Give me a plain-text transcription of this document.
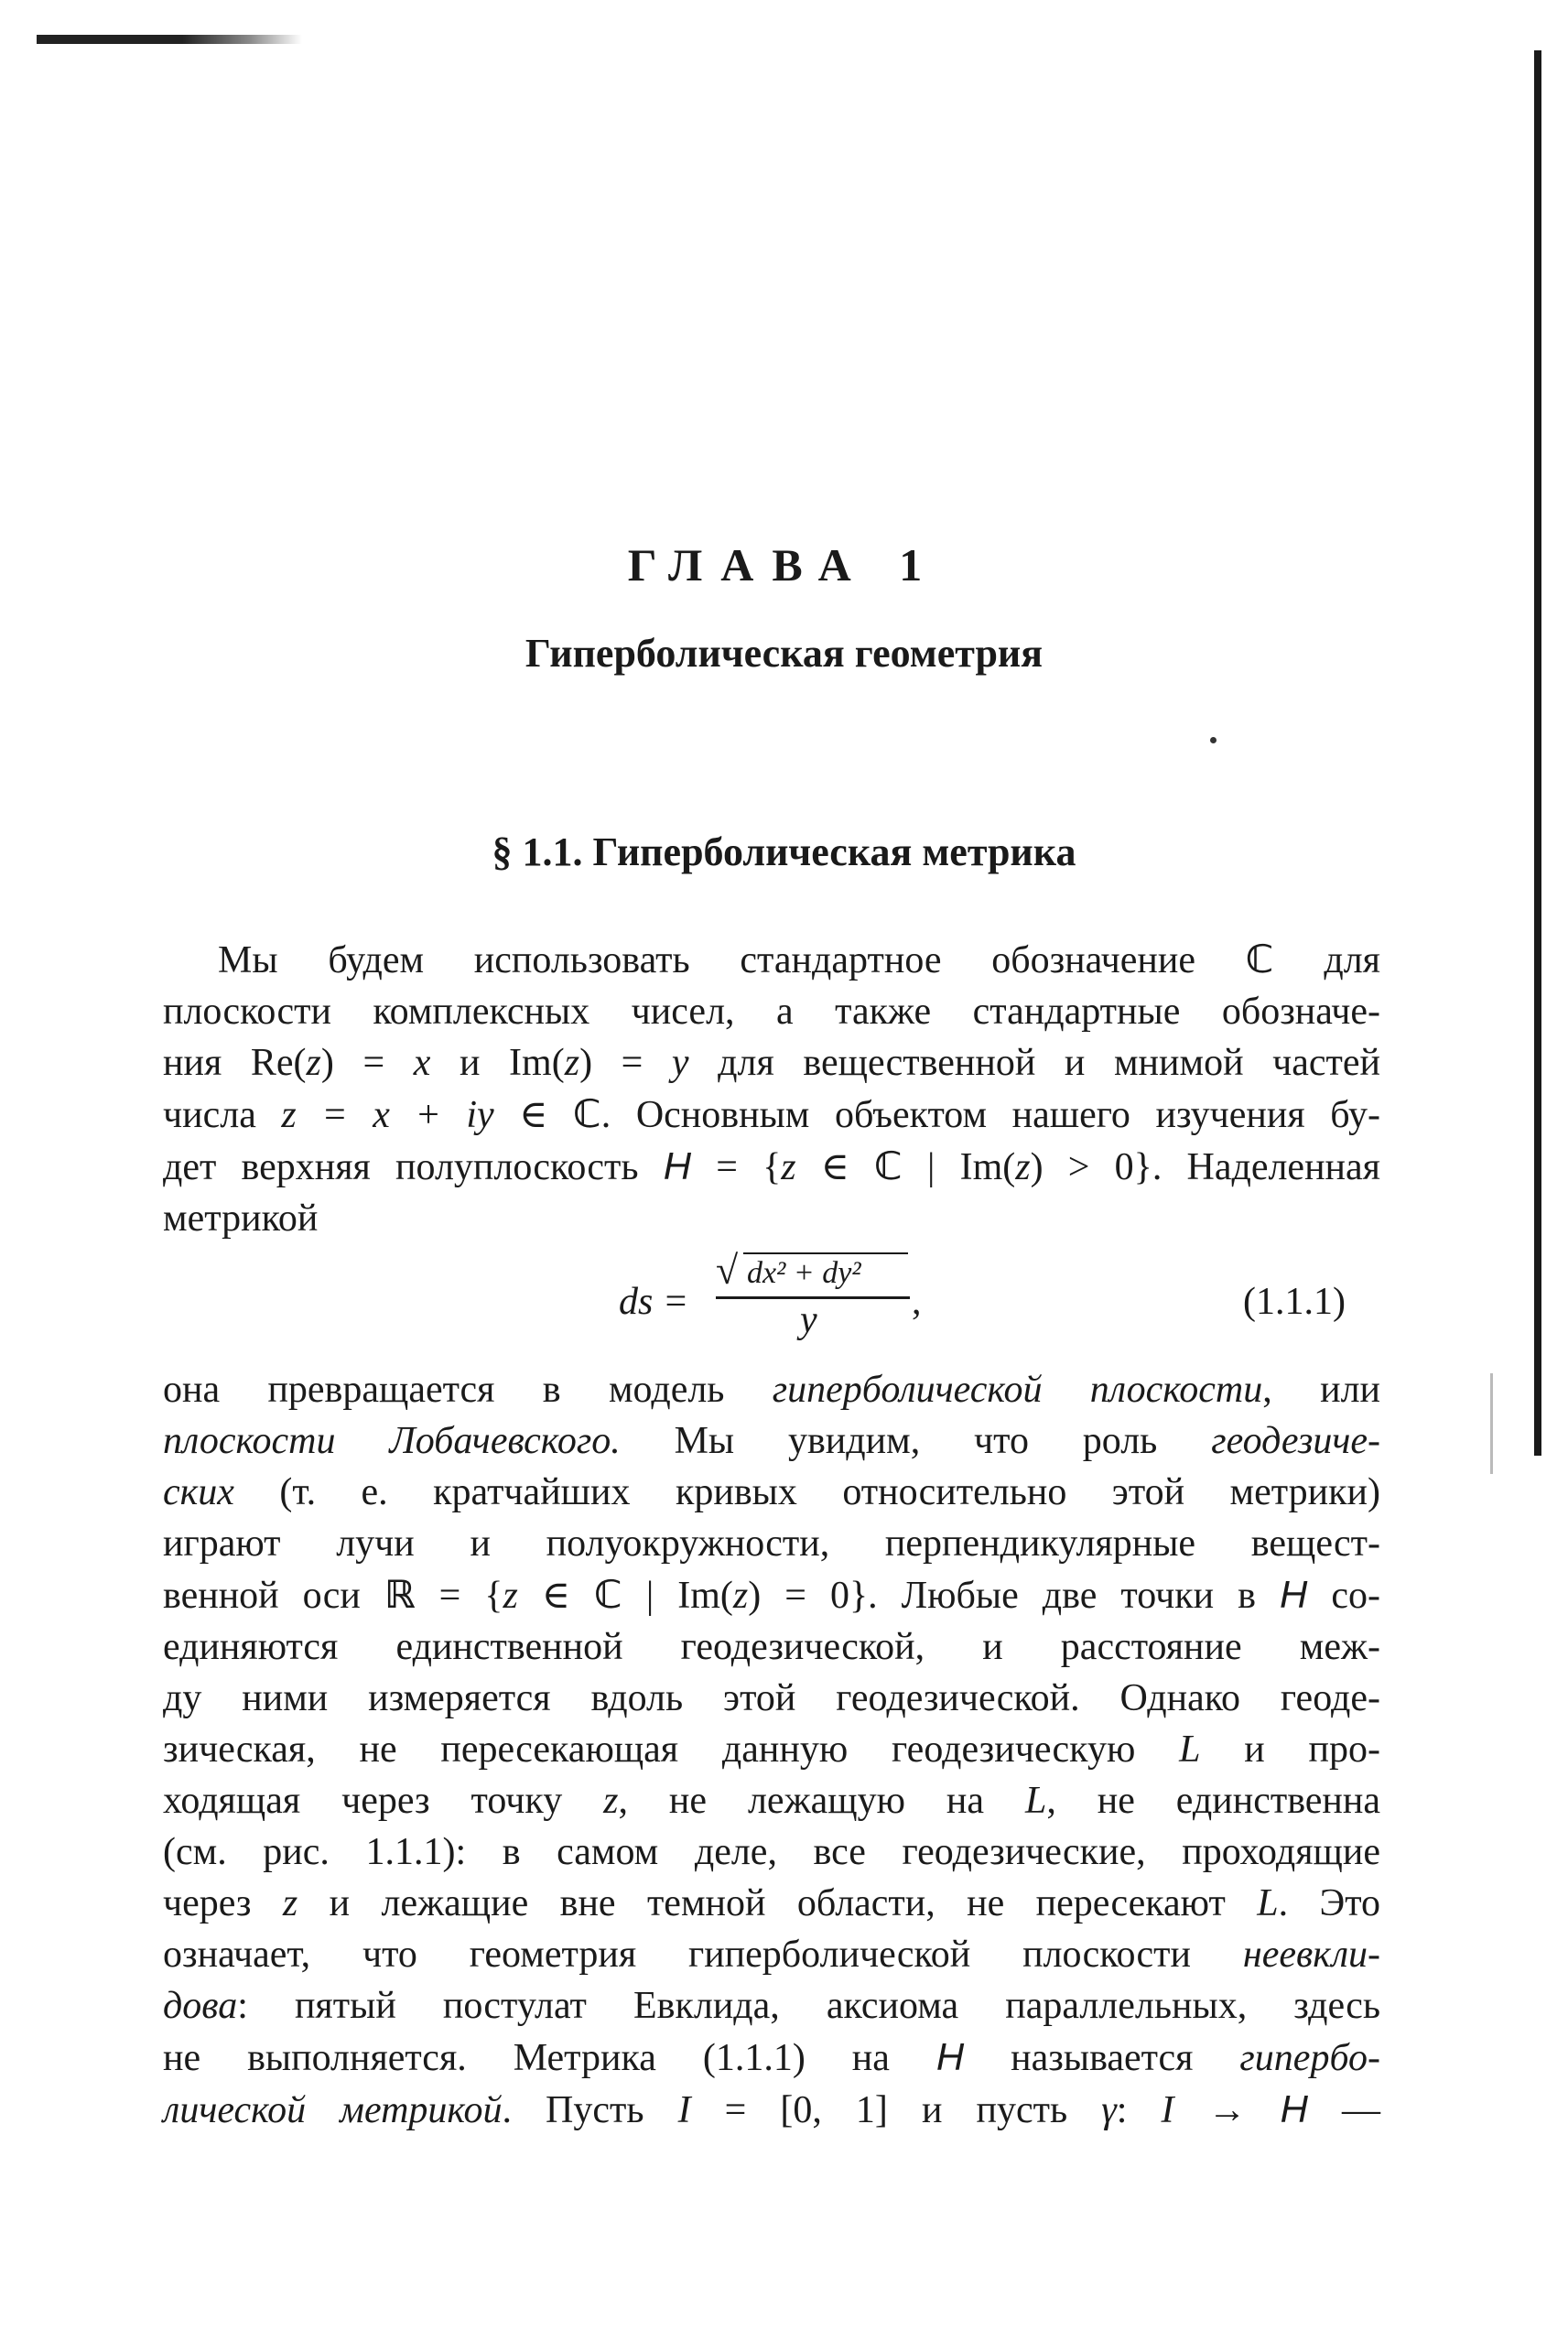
ГЛАВА 1
Гиперболическая геометрия
§ 1.1. Гиперболическая метрика
Мы будем использовать стандартное обозначение ℂ для
плоскости комплексных чисел, а также стандартные обозначе-
ния Re(z) = x и Im(z) = y для вещественной и мнимой частей
числа z = x + iy ∈ ℂ. Основным объектом нашего изучения бу-
дет верхняя полуплоскость H = {z ∈ ℂ | Im(z) > 0}. Наделенная
метрикой
ds =
√ dx² + dy²
y ,	(1.1.1)
она превращается в модель гиперболической плоскости, или
плоскости Лобачевского. Мы увидим, что роль геодезиче-
ских (т. е. кратчайших кривых относительно этой метрики)
играют лучи и полуокружности, перпендикулярные вещест-
венной оси ℝ = {z ∈ ℂ | Im(z) = 0}. Любые две точки в H со-
единяются единственной геодезической, и расстояние меж-
ду ними измеряется вдоль этой геодезической. Однако геоде-
зическая, не пересекающая данную геодезическую L и про-
ходящая через точку z, не лежащую на L, не единственна
(см. рис. 1.1.1): в самом деле, все геодезические, проходящие
через z и лежащие вне темной области, не пересекают L. Это
означает, что геометрия гиперболической плоскости неевкли-
дова: пятый постулат Евклида, аксиома параллельных, здесь
не выполняется. Метрика (1.1.1) на H называется гипербо-
лической метрикой. Пусть I = [0, 1] и пусть γ: I → H —
